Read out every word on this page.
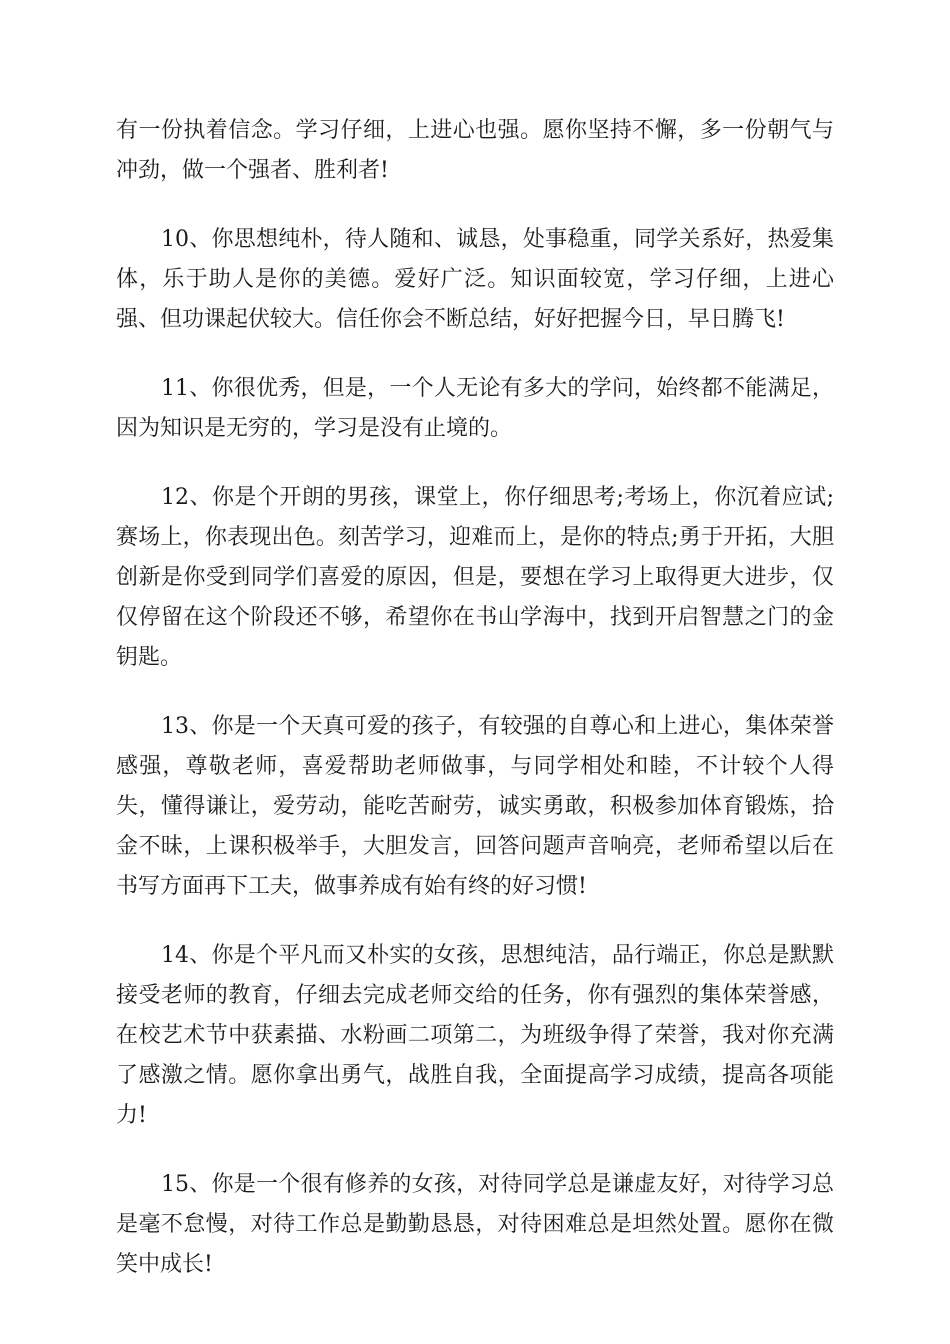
有一份执着信念。学习仔细，上进心也强。愿你坚持不懈，多一份朝气与冲劲，做一个强者、胜利者!

10、你思想纯朴，待人随和、诚恳，处事稳重，同学关系好，热爱集体，乐于助人是你的美德。爱好广泛。知识面较宽，学习仔细，上进心强、但功课起伏较大。信任你会不断总结，好好把握今日，早日腾飞!

11、你很优秀，但是，一个人无论有多大的学问，始终都不能满足，因为知识是无穷的，学习是没有止境的。

12、你是个开朗的男孩，课堂上，你仔细思考;考场上，你沉着应试;赛场上，你表现出色。刻苦学习，迎难而上，是你的特点;勇于开拓，大胆创新是你受到同学们喜爱的原因，但是，要想在学习上取得更大进步，仅仅停留在这个阶段还不够，希望你在书山学海中，找到开启智慧之门的金钥匙。

13、你是一个天真可爱的孩子，有较强的自尊心和上进心，集体荣誉感强，尊敬老师，喜爱帮助老师做事，与同学相处和睦，不计较个人得失，懂得谦让，爱劳动，能吃苦耐劳，诚实勇敢，积极参加体育锻炼，拾金不昧，上课积极举手，大胆发言，回答问题声音响亮，老师希望以后在书写方面再下工夫，做事养成有始有终的好习惯!

14、你是个平凡而又朴实的女孩，思想纯洁，品行端正，你总是默默接受老师的教育，仔细去完成老师交给的任务，你有强烈的集体荣誉感，在校艺术节中获素描、水粉画二项第二，为班级争得了荣誉，我对你充满了感激之情。愿你拿出勇气，战胜自我，全面提高学习成绩，提高各项能力!

15、你是一个很有修养的女孩，对待同学总是谦虚友好，对待学习总是毫不怠慢，对待工作总是勤勤恳恳，对待困难总是坦然处置。愿你在微笑中成长!
